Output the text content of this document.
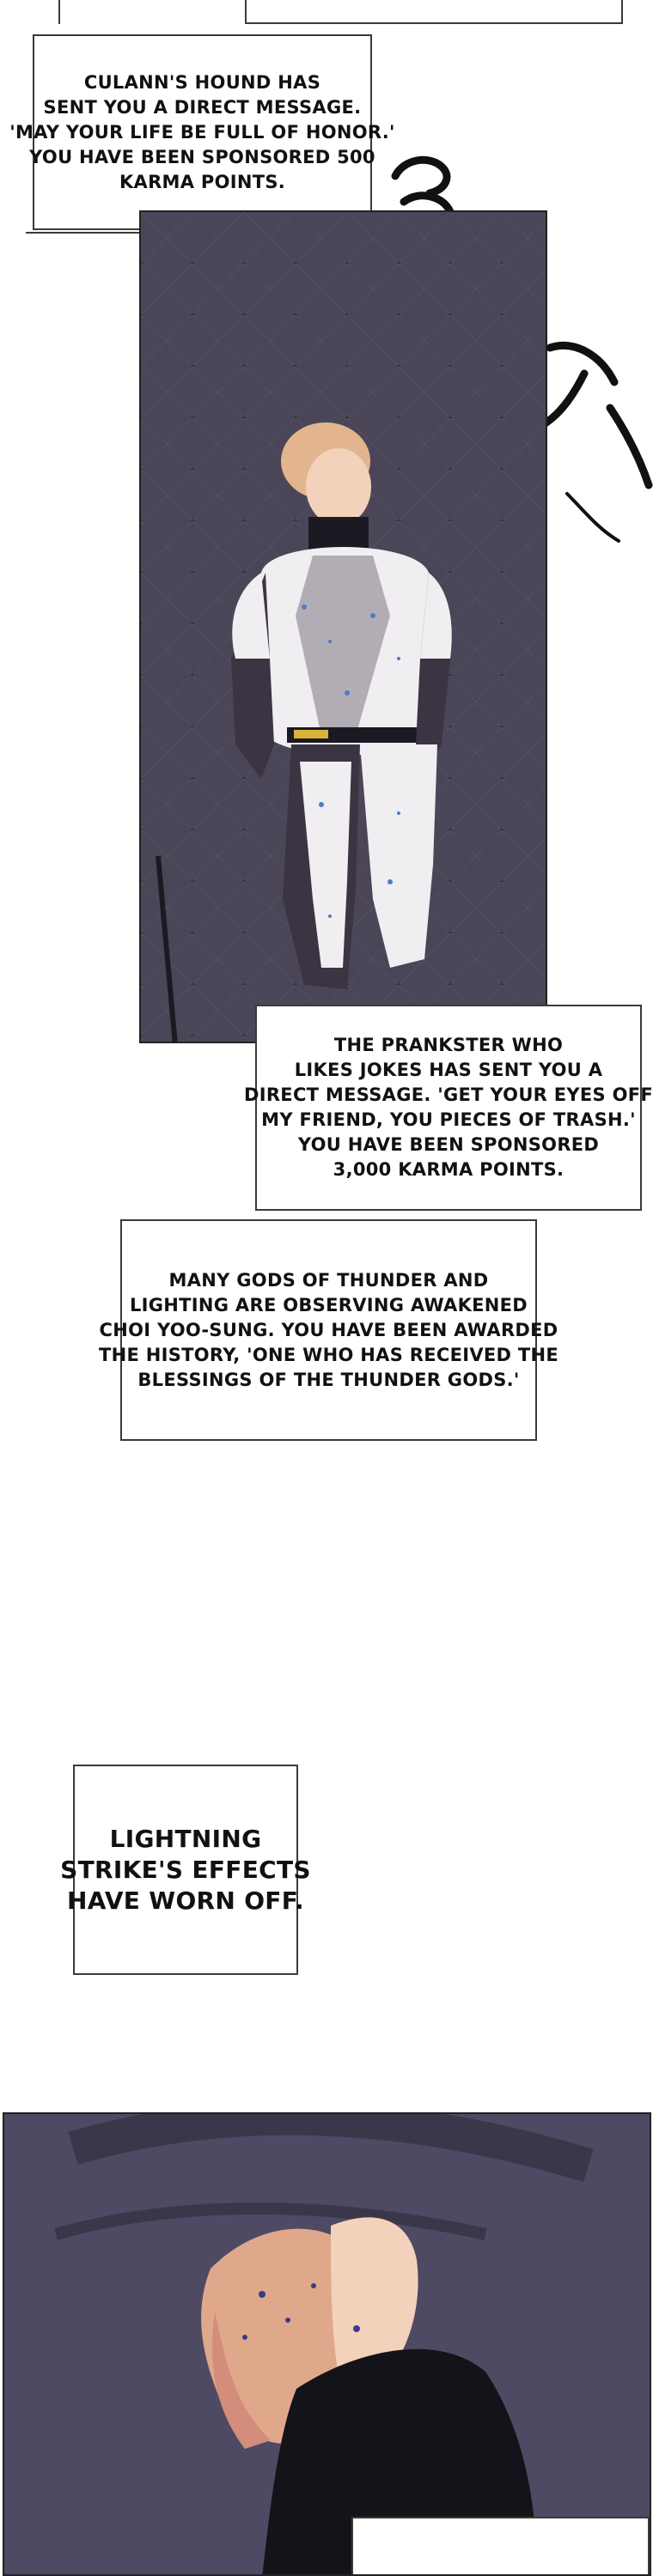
CULANN'S HOUND HAS
SENT YOU A DIRECT MESSAGE.
'MAY YOUR LIFE BE FULL OF HONOR.'
YOU HAVE BEEN SPONSORED 500
KARMA POINTS.
THE PRANKSTER WHO
LIKES JOKES HAS SENT YOU A
DIRECT MESSAGE. 'GET YOUR EYES OFF
MY FRIEND, YOU PIECES OF TRASH.'
YOU HAVE BEEN SPONSORED
3,000 KARMA POINTS.
MANY GODS OF THUNDER AND
LIGHTING ARE OBSERVING AWAKENED
CHOI YOO-SUNG. YOU HAVE BEEN AWARDED
THE HISTORY, 'ONE WHO HAS RECEIVED THE
BLESSINGS OF THE THUNDER GODS.'
LIGHTNING
STRIKE'S EFFECTS
HAVE WORN OFF.
